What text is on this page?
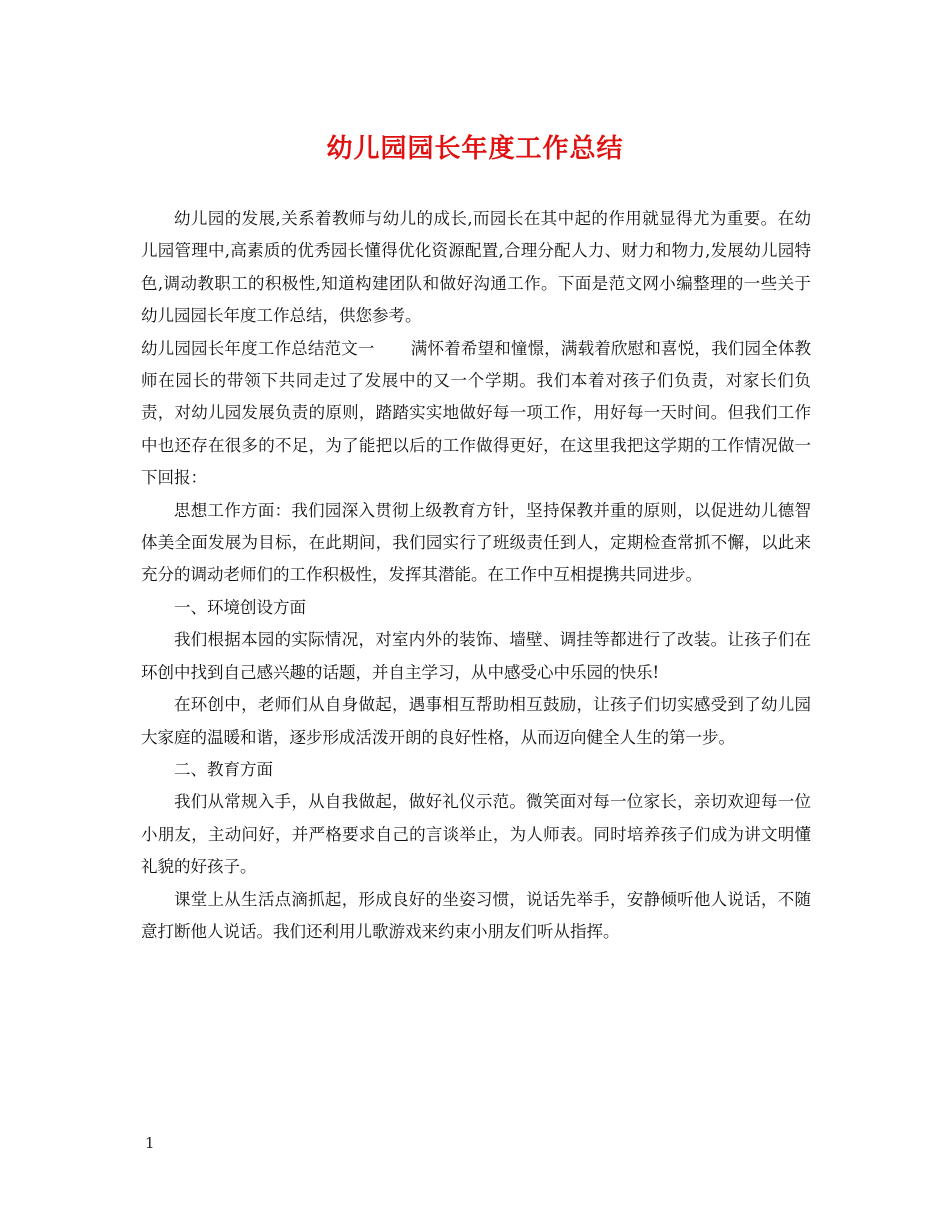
幼儿园园长年度工作总结

幼儿园的发展,关系着教师与幼儿的成长,而园长在其中起的作用就显得尤为重要。在幼儿园管理中,高素质的优秀园长懂得优化资源配置,合理分配人力、财力和物力,发展幼儿园特色,调动教职工的积极性,知道构建团队和做好沟通工作。下面是范文网小编整理的一些关于幼儿园园长年度工作总结，供您参考。

幼儿园园长年度工作总结范文一 满怀着希望和憧憬，满载着欣慰和喜悦，我们园全体教师在园长的带领下共同走过了发展中的又一个学期。我们本着对孩子们负责，对家长们负责，对幼儿园发展负责的原则，踏踏实实地做好每一项工作，用好每一天时间。但我们工作中也还存在很多的不足，为了能把以后的工作做得更好，在这里我把这学期的工作情况做一下回报：

思想工作方面：我们园深入贯彻上级教育方针，坚持保教并重的原则，以促进幼儿德智体美全面发展为目标，在此期间，我们园实行了班级责任到人，定期检查常抓不懈，以此来充分的调动老师们的工作积极性，发挥其潜能。在工作中互相提携共同进步。

一、环境创设方面

我们根据本园的实际情况，对室内外的装饰、墙壁、调挂等都进行了改装。让孩子们在环创中找到自己感兴趣的话题，并自主学习，从中感受心中乐园的快乐!

在环创中，老师们从自身做起，遇事相互帮助相互鼓励，让孩子们切实感受到了幼儿园大家庭的温暖和谐，逐步形成活泼开朗的良好性格，从而迈向健全人生的第一步。

二、教育方面

我们从常规入手，从自我做起，做好礼仪示范。微笑面对每一位家长，亲切欢迎每一位小朋友，主动问好，并严格要求自己的言谈举止，为人师表。同时培养孩子们成为讲文明懂礼貌的好孩子。

课堂上从生活点滴抓起，形成良好的坐姿习惯，说话先举手，安静倾听他人说话，不随意打断他人说话。我们还利用儿歌游戏来约束小朋友们听从指挥。

1
